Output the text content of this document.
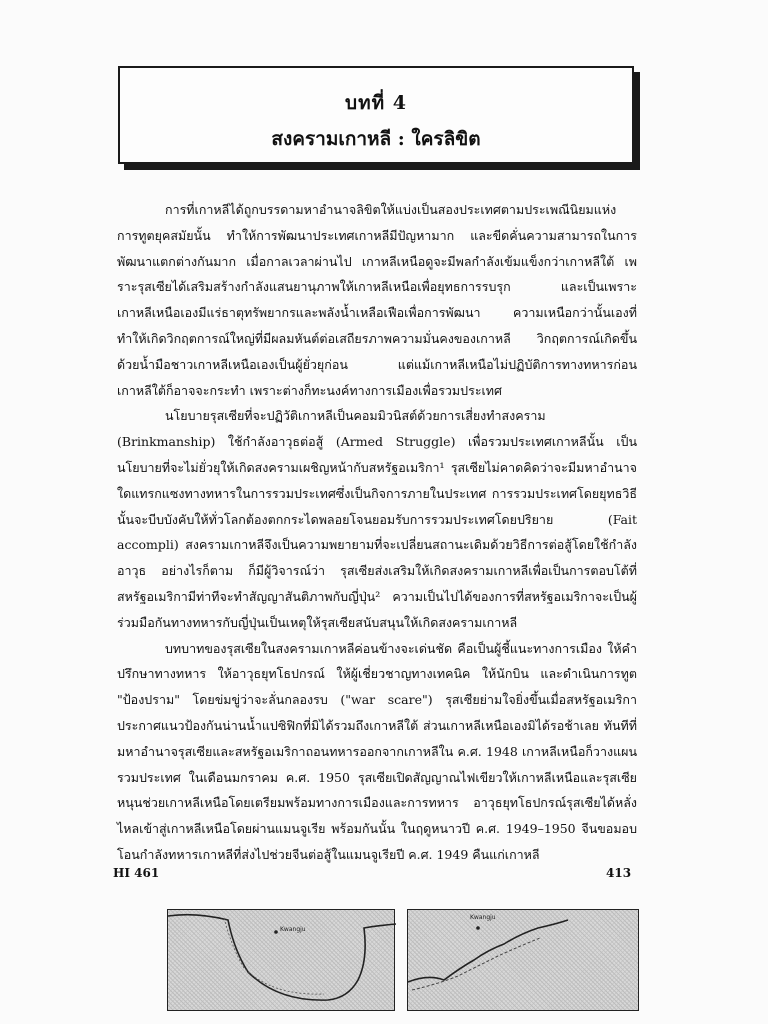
บทที่ 4
สงครามเกาหลี : ใครลิขิต

การที่เกาหลีได้ถูกบรรดามหาอำนาจลิขิตให้แบ่งเป็นสองประเทศตามประเพณีนิยมแห่งการทูตยุคสมัยนั้น ทำให้การพัฒนาประเทศเกาหลีมีปัญหามาก และขีดคั่นความสามารถในการพัฒนาแตกต่างกันมาก เมื่อกาลเวลาผ่านไป เกาหลีเหนือดูจะมีพลกำลังเข้มแข็งกว่าเกาหลีใต้ เพราะรุสเซียได้เสริมสร้างกำลังแสนยานุภาพให้เกาหลีเหนือเพื่อยุทธการรบรุก และเป็นเพราะเกาหลีเหนือเองมีแร่ธาตุทรัพยากรและพลังน้ำเหลือเฟือเพื่อการพัฒนา ความเหนือกว่านั้นเองที่ทำให้เกิดวิกฤตการณ์ใหญ่ที่มีผลมหันต์ต่อเสถียรภาพความมั่นคงของเกาหลี วิกฤตการณ์เกิดขึ้นด้วยน้ำมือชาวเกาหลีเหนือเองเป็นผู้ยั่วยุก่อน แต่แม้เกาหลีเหนือไม่ปฏิบัติการทางทหารก่อน เกาหลีใต้ก็อาจจะกระทำ เพราะต่างก็ทะนงค์ทางการเมืองเพื่อรวมประเทศ

นโยบายรุสเซียที่จะปฏิวัติเกาหลีเป็นคอมมิวนิสต์ด้วยการเสี่ยงทำสงคราม (Brinkmanship) ใช้กำลังอาวุธต่อสู้ (Armed Struggle) เพื่อรวมประเทศเกาหลีนั้น เป็นนโยบายที่จะไม่ยั่วยุให้เกิดสงครามเผชิญหน้ากับสหรัฐอเมริกา¹ รุสเซียไม่คาดคิดว่าจะมีมหาอำนาจใดแทรกแซงทางทหารในการรวมประเทศซึ่งเป็นกิจการภายในประเทศ การรวมประเทศโดยยุทธวิธีนั้นจะบีบบังคับให้ทั่วโลกต้องตกกระไดพลอยโจนยอมรับการรวมประเทศโดยปริยาย (Fait accompli) สงครามเกาหลีจึงเป็นความพยายามที่จะเปลี่ยนสถานะเดิมด้วยวิธีการต่อสู้โดยใช้กำลังอาวุธ อย่างไรก็ตาม ก็มีผู้วิจารณ์ว่า รุสเซียส่งเสริมให้เกิดสงครามเกาหลีเพื่อเป็นการตอบโต้ที่สหรัฐอเมริกามีท่าทีจะทำสัญญาสันติภาพกับญี่ปุ่น² ความเป็นไปได้ของการที่สหรัฐอเมริกาจะเป็นผู้ร่วมมือกันทางทหารกับญี่ปุ่นเป็นเหตุให้รุสเซียสนับสนุนให้เกิดสงครามเกาหลี

บทบาทของรุสเซียในสงครามเกาหลีค่อนข้างจะเด่นชัด คือเป็นผู้ชี้แนะทางการเมือง ให้คำปรึกษาทางทหาร ให้อาวุธยุทโธปกรณ์ ให้ผู้เชี่ยวชาญทางเทคนิค ให้นักบิน และดำเนินการทูต "ป้องปราม" โดยข่มขู่ว่าจะลั่นกลองรบ ("war scare") รุสเซียย่ามใจยิ่งขึ้นเมื่อสหรัฐอเมริกาประกาศแนวป้องกันน่านน้ำแปซิฟิกที่มิได้รวมถึงเกาหลีใต้ ส่วนเกาหลีเหนือเองมิได้รอช้าเลย ทันทีที่มหาอำนาจรุสเซียและสหรัฐอเมริกาถอนทหารออกจากเกาหลีใน ค.ศ. 1948 เกาหลีเหนือก็วางแผนรวมประเทศ ในเดือนมกราคม ค.ศ. 1950 รุสเซียเปิดสัญญาณไฟเขียวให้เกาหลีเหนือและรุสเซียหนุนช่วยเกาหลีเหนือโดยเตรียมพร้อมทางการเมืองและการทหาร อาวุธยุทโธปกรณ์รุสเซียได้หลั่งไหลเข้าสู่เกาหลีเหนือโดยผ่านแมนจูเรีย พร้อมกันนั้น ในฤดูหนาวปี ค.ศ. 1949–1950 จีนขอมอบโอนกำลังทหารเกาหลีที่ส่งไปช่วยจีนต่อสู้ในแมนจูเรียปี ค.ศ. 1949 คืนแก่เกาหลี

HI 461	413
Kwangju
Kwangju
